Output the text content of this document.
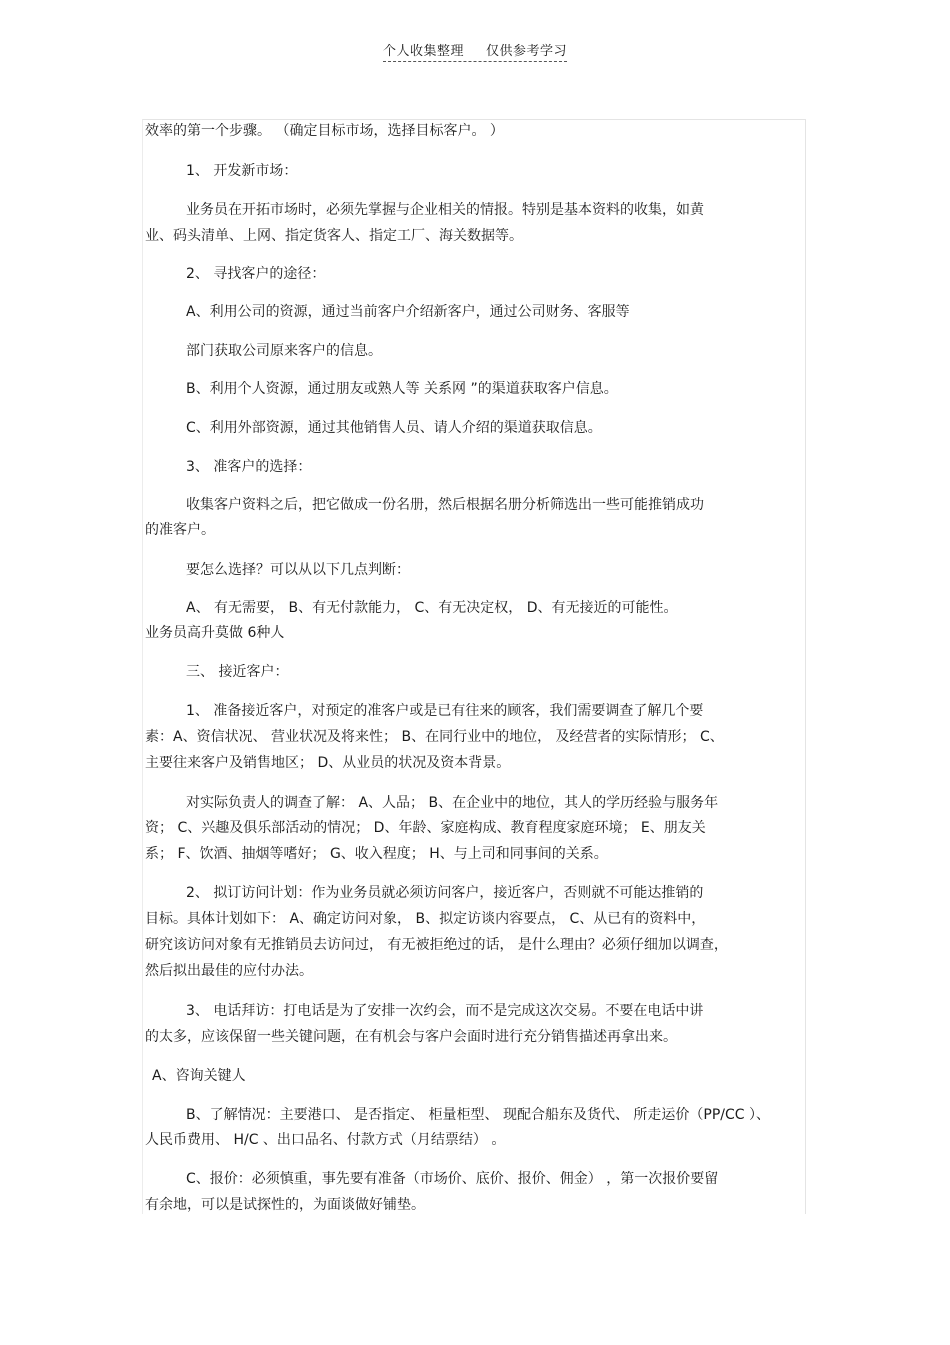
个人收集整理 仅供参考学习
效率的第一个步骤。 （确定目标市场，选择目标客户。 ）
1、 开发新市场：
业务员在开拓市场时，必须先掌握与企业相关的情报。特别是基本资料的收集，如黄
业、码头清单、上网、指定货客人、指定工厂、海关数据等。
2、 寻找客户的途径：
A、利用公司的资源，通过当前客户介绍新客户，通过公司财务、客服等
部门获取公司原来客户的信息。
B、利用个人资源，通过朋友或熟人等 关系网 ”的渠道获取客户信息。
C、利用外部资源，通过其他销售人员、请人介绍的渠道获取信息。
3、 准客户的选择：
收集客户资料之后，把它做成一份名册，然后根据名册分析筛选出一些可能推销成功
的准客户。
要怎么选择？可以从以下几点判断：
A、 有无需要， B、有无付款能力， C、有无决定权， D、有无接近的可能性。
业务员高升莫做 6种人
三、 接近客户：
1、 准备接近客户，对预定的准客户或是已有往来的顾客，我们需要调查了解几个要
素：A、资信状况、 营业状况及将来性； B、在同行业中的地位， 及经营者的实际情形； C、
主要往来客户及销售地区； D、从业员的状况及资本背景。
对实际负责人的调查了解： A、人品； B、在企业中的地位，其人的学历经验与服务年
资； C、兴趣及俱乐部活动的情况； D、年龄、家庭构成、教育程度家庭环境； E、朋友关
系； F、饮酒、抽烟等嗜好； G、收入程度； H、与上司和同事间的关系。
2、 拟订访问计划：作为业务员就必须访问客户，接近客户，否则就不可能达推销的
目标。具体计划如下： A、确定访问对象， B、拟定访谈内容要点， C、从已有的资料中，
研究该访问对象有无推销员去访问过， 有无被拒绝过的话， 是什么理由？必须仔细加以调查，
然后拟出最佳的应付办法。
3、 电话拜访：打电话是为了安排一次约会，而不是完成这次交易。不要在电话中讲
的太多，应该保留一些关键问题，在有机会与客户会面时进行充分销售描述再拿出来。
A、咨询关键人
B、了解情况：主要港口、 是否指定、 柜量柜型、 现配合船东及货代、 所走运价（PP/CC ）、
人民币费用、 H/C 、出口品名、付款方式（月结票结） 。
C、报价：必须慎重，事先要有准备（市场价、底价、报价、佣金） ，第一次报价要留
有余地，可以是试探性的，为面谈做好铺垫。
